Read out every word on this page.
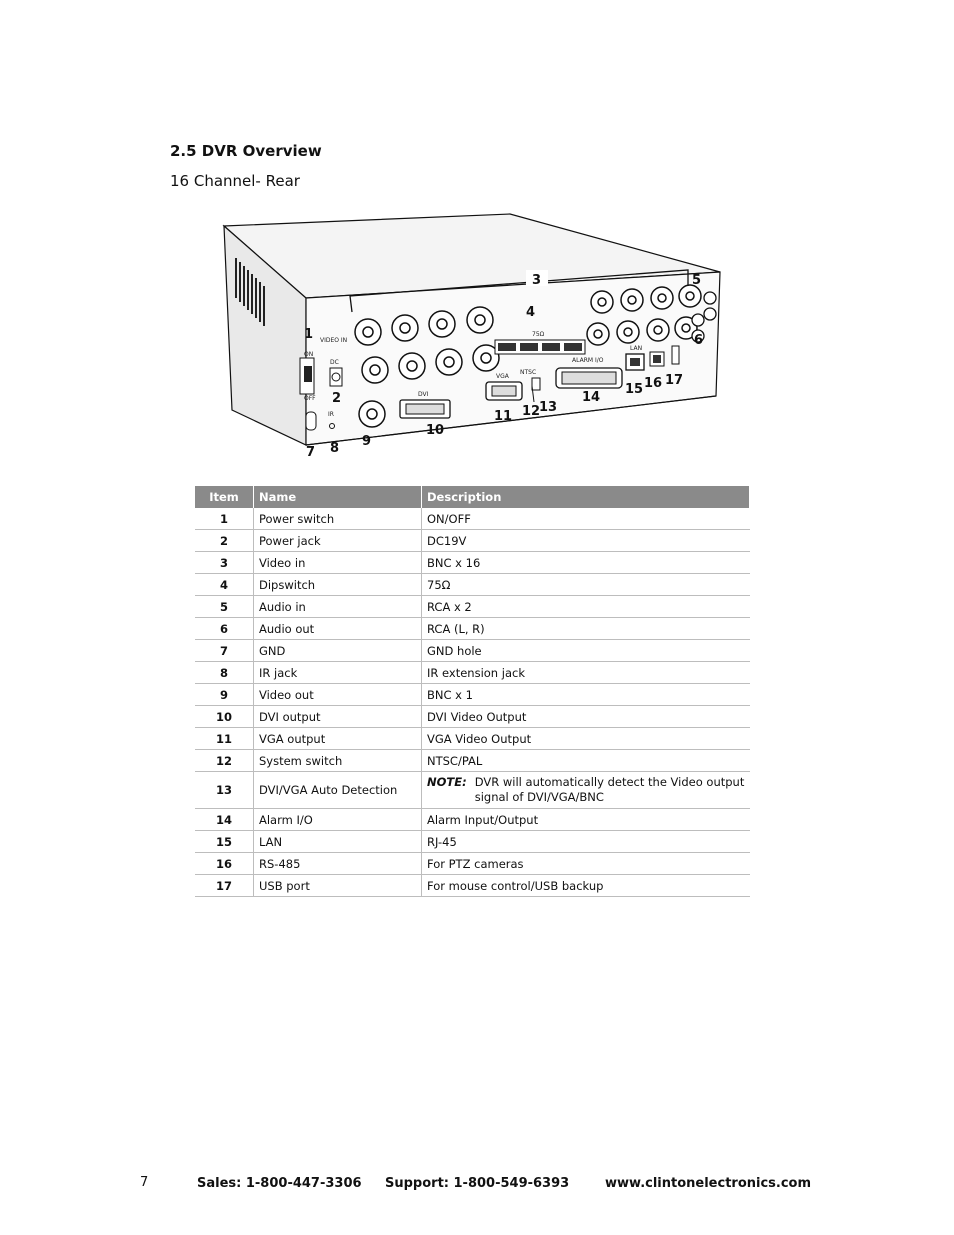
2.5 DVR Overview
16 Channel- Rear
ON
OFF
DC
IR
VIDEO IN
75Ω
DVI
VGA
NTSC
ALARM I/O
LAN
3
1
2
4
5
6
7 8 9
10
11 12
13
14
15 16 17
Item	Name	Description
1	Power switch	ON/OFF
2	Power jack	DC19V
3	Video in	BNC x 16
4	Dipswitch	75Ω
5	Audio in	RCA x 2
6	Audio out	RCA (L, R)
7	GND	GND hole
8	IR jack	IR extension jack
9	Video out	BNC x 1
10	DVI output	DVI Video Output
11	VGA output	VGA Video Output
12	System switch	NTSC/PAL
13	DVI/VGA Auto Detection	NOTE: DVR will automatically detect the Video output
signal of DVI/VGA/BNC

14	Alarm I/O	Alarm Input/Output
15	LAN	RJ-45
16	RS-485	For PTZ cameras
17	USB port	For mouse control/USB backup
7	Sales: 1-800-447-3306 Support: 1-800-549-6393	www.clintonelectronics.com
